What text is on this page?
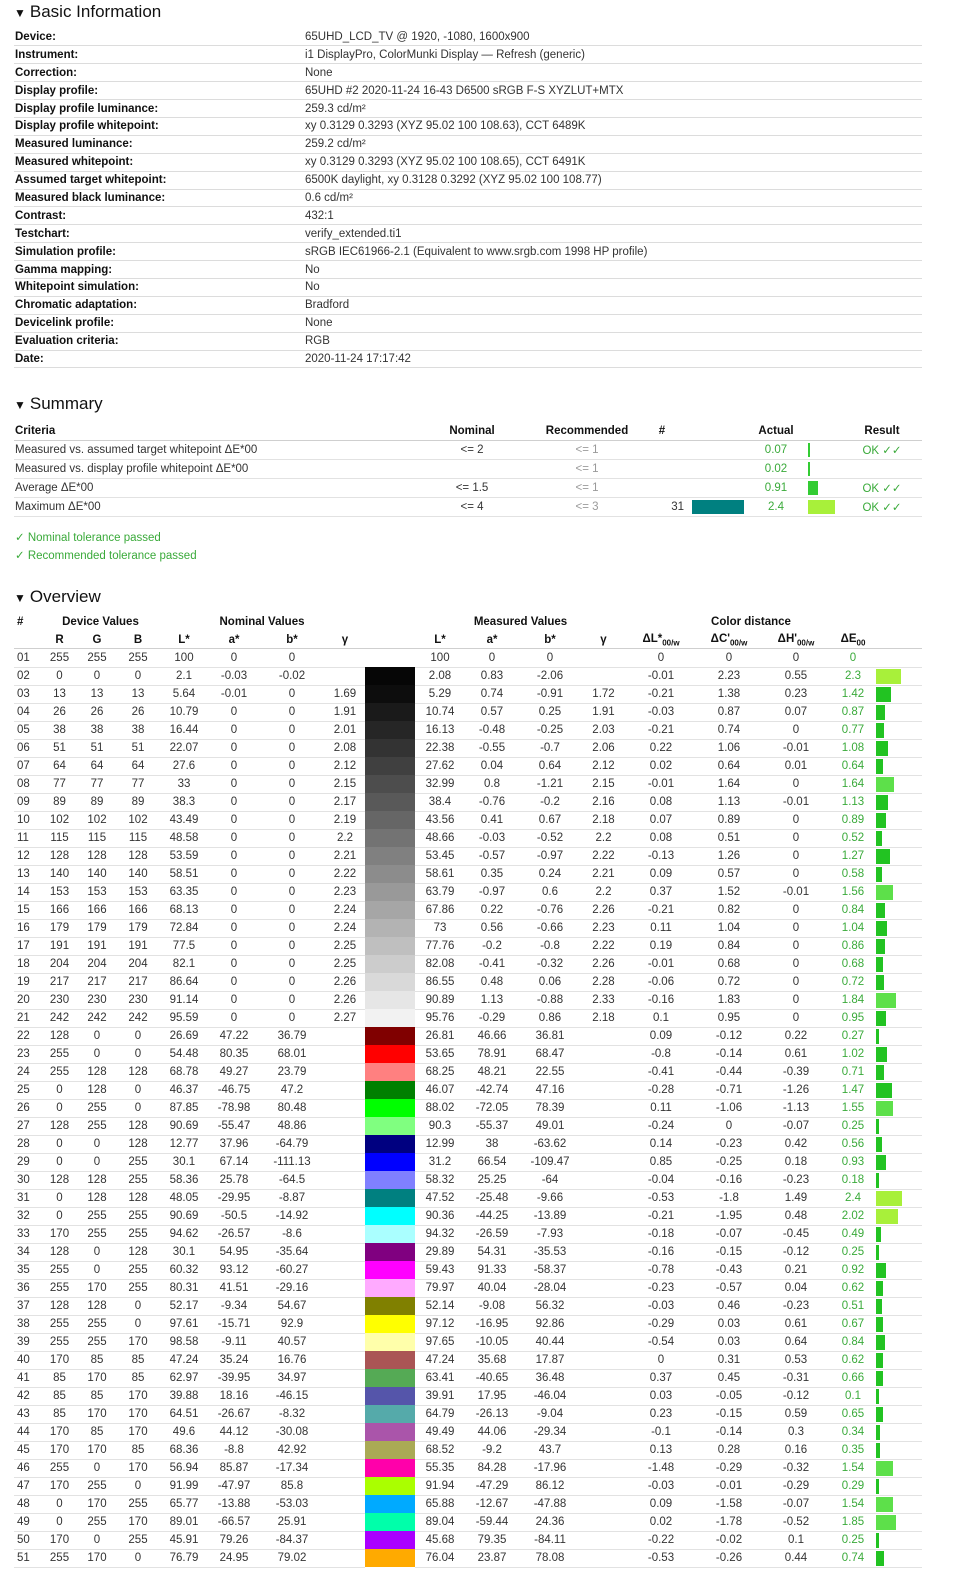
▼ Basic Information
Device:	65UHD_LCD_TV @ 1920, -1080, 1600x900
Instrument:	i1 DisplayPro, ColorMunki Display — Refresh (generic)
Correction:	None
Display profile:	65UHD #2 2020-11-24 16-43 D6500 sRGB F-S XYZLUT+MTX
Display profile luminance:	259.3 cd/m²
Display profile whitepoint:	xy 0.3129 0.3293 (XYZ 95.02 100 108.63), CCT 6489K
Measured luminance:	259.2 cd/m²
Measured whitepoint:	xy 0.3129 0.3293 (XYZ 95.02 100 108.65), CCT 6491K
Assumed target whitepoint:	6500K daylight, xy 0.3128 0.3292 (XYZ 95.02 100 108.77)
Measured black luminance:	0.6 cd/m²
Contrast:	432:1
Testchart:	verify_extended.ti1
Simulation profile:	sRGB IEC61966-2.1 (Equivalent to www.srgb.com 1998 HP profile)
Gamma mapping:	No
Whitepoint simulation:	No
Chromatic adaptation:	Bradford
Devicelink profile:	None
Evaluation criteria:	RGB
Date:	2020-11-24 17:17:42
▼ Summary
Criteria	Nominal	Recommended	#		Actual		Result
Measured vs. assumed target whitepoint ΔE*00	<= 2	<= 1			0.07		OK ✓✓
Measured vs. display profile whitepoint ΔE*00		<= 1			0.02	

Average ΔE*00	<= 1.5	<= 1			0.91		OK ✓✓
Maximum ΔE*00	<= 4	<= 3	31		2.4		OK ✓✓
✓ Nominal tolerance passed
✓ Recommended tolerance passed
▼ Overview
#	Device Values			Nominal Values					Measured Values				Color distance				
	R	G	B	L*	a*	b*	γ		L*	a*	b*	γ	$\Delta L*_{00/w}$	$\Delta C'_{00/w}$	$\Delta H'_{00/w}$	$\Delta E_{00}$	
01	255	255	255	100	0	0			100	0	0		0	0	0	0	

02	0	0	0	2.1	-0.03	-0.02			2.08	0.83	-2.06		-0.01	2.23	0.55	2.3	

03	13	13	13	5.64	-0.01	0	1.69		5.29	0.74	-0.91	1.72	-0.21	1.38	0.23	1.42	

04	26	26	26	10.79	0	0	1.91		10.74	0.57	0.25	1.91	-0.03	0.87	0.07	0.87	

05	38	38	38	16.44	0	0	2.01		16.13	-0.48	-0.25	2.03	-0.21	0.74	0	0.77	

06	51	51	51	22.07	0	0	2.08		22.38	-0.55	-0.7	2.06	0.22	1.06	-0.01	1.08	

07	64	64	64	27.6	0	0	2.12		27.62	0.04	0.64	2.12	0.02	0.64	0.01	0.64	

08	77	77	77	33	0	0	2.15		32.99	0.8	-1.21	2.15	-0.01	1.64	0	1.64	

09	89	89	89	38.3	0	0	2.17		38.4	-0.76	-0.2	2.16	0.08	1.13	-0.01	1.13	

10	102	102	102	43.49	0	0	2.19		43.56	0.41	0.67	2.18	0.07	0.89	0	0.89	

11	115	115	115	48.58	0	0	2.2		48.66	-0.03	-0.52	2.2	0.08	0.51	0	0.52	

12	128	128	128	53.59	0	0	2.21		53.45	-0.57	-0.97	2.22	-0.13	1.26	0	1.27	

13	140	140	140	58.51	0	0	2.22		58.61	0.35	0.24	2.21	0.09	0.57	0	0.58	

14	153	153	153	63.35	0	0	2.23		63.79	-0.97	0.6	2.2	0.37	1.52	-0.01	1.56	

15	166	166	166	68.13	0	0	2.24		67.86	0.22	-0.76	2.26	-0.21	0.82	0	0.84	

16	179	179	179	72.84	0	0	2.24		73	0.56	-0.66	2.23	0.11	1.04	0	1.04	

17	191	191	191	77.5	0	0	2.25		77.76	-0.2	-0.8	2.22	0.19	0.84	0	0.86	

18	204	204	204	82.1	0	0	2.25		82.08	-0.41	-0.32	2.26	-0.01	0.68	0	0.68	

19	217	217	217	86.64	0	0	2.26		86.55	0.48	0.06	2.28	-0.06	0.72	0	0.72	

20	230	230	230	91.14	0	0	2.26		90.89	1.13	-0.88	2.33	-0.16	1.83	0	1.84	

21	242	242	242	95.59	0	0	2.27		95.76	-0.29	0.86	2.18	0.1	0.95	0	0.95	

22	128	0	0	26.69	47.22	36.79			26.81	46.66	36.81		0.09	-0.12	0.22	0.27	

23	255	0	0	54.48	80.35	68.01			53.65	78.91	68.47		-0.8	-0.14	0.61	1.02	

24	255	128	128	68.78	49.27	23.79			68.25	48.21	22.55		-0.41	-0.44	-0.39	0.71	

25	0	128	0	46.37	-46.75	47.2			46.07	-42.74	47.16		-0.28	-0.71	-1.26	1.47	

26	0	255	0	87.85	-78.98	80.48			88.02	-72.05	78.39		0.11	-1.06	-1.13	1.55	

27	128	255	128	90.69	-55.47	48.86			90.3	-55.37	49.01		-0.24	0	-0.07	0.25	

28	0	0	128	12.77	37.96	-64.79			12.99	38	-63.62		0.14	-0.23	0.42	0.56	

29	0	0	255	30.1	67.14	-111.13			31.2	66.54	-109.47		0.85	-0.25	0.18	0.93	

30	128	128	255	58.36	25.78	-64.5			58.32	25.25	-64		-0.04	-0.16	-0.23	0.18	

31	0	128	128	48.05	-29.95	-8.87			47.52	-25.48	-9.66		-0.53	-1.8	1.49	2.4	

32	0	255	255	90.69	-50.5	-14.92			90.36	-44.25	-13.89		-0.21	-1.95	0.48	2.02	

33	170	255	255	94.62	-26.57	-8.6			94.32	-26.59	-7.93		-0.18	-0.07	-0.45	0.49	

34	128	0	128	30.1	54.95	-35.64			29.89	54.31	-35.53		-0.16	-0.15	-0.12	0.25	

35	255	0	255	60.32	93.12	-60.27			59.43	91.33	-58.37		-0.78	-0.43	0.21	0.92	

36	255	170	255	80.31	41.51	-29.16			79.97	40.04	-28.04		-0.23	-0.57	0.04	0.62	

37	128	128	0	52.17	-9.34	54.67			52.14	-9.08	56.32		-0.03	0.46	-0.23	0.51	

38	255	255	0	97.61	-15.71	92.9			97.12	-16.95	92.86		-0.29	0.03	0.61	0.67	

39	255	255	170	98.58	-9.11	40.57			97.65	-10.05	40.44		-0.54	0.03	0.64	0.84	

40	170	85	85	47.24	35.24	16.76			47.24	35.68	17.87		0	0.31	0.53	0.62	

41	85	170	85	62.97	-39.95	34.97			63.41	-40.65	36.48		0.37	0.45	-0.31	0.66	

42	85	85	170	39.88	18.16	-46.15			39.91	17.95	-46.04		0.03	-0.05	-0.12	0.1	

43	85	170	170	64.51	-26.67	-8.32			64.79	-26.13	-9.04		0.23	-0.15	0.59	0.65	

44	170	85	170	49.6	44.12	-30.08			49.49	44.06	-29.34		-0.1	-0.14	0.3	0.34	

45	170	170	85	68.36	-8.8	42.92			68.52	-9.2	43.7		0.13	0.28	0.16	0.35	

46	255	0	170	56.94	85.87	-17.34			55.35	84.28	-17.96		-1.48	-0.29	-0.32	1.54	

47	170	255	0	91.99	-47.97	85.8			91.94	-47.29	86.12		-0.03	-0.01	-0.29	0.29	

48	0	170	255	65.77	-13.88	-53.03			65.88	-12.67	-47.88		0.09	-1.58	-0.07	1.54	

49	0	255	170	89.01	-66.57	25.91			89.04	-59.44	24.36		0.02	-1.78	-0.52	1.85	

50	170	0	255	45.91	79.26	-84.37			45.68	79.35	-84.11		-0.22	-0.02	0.1	0.25	

51	255	170	0	76.79	24.95	79.02			76.04	23.87	78.08		-0.53	-0.26	0.44	0.74	
